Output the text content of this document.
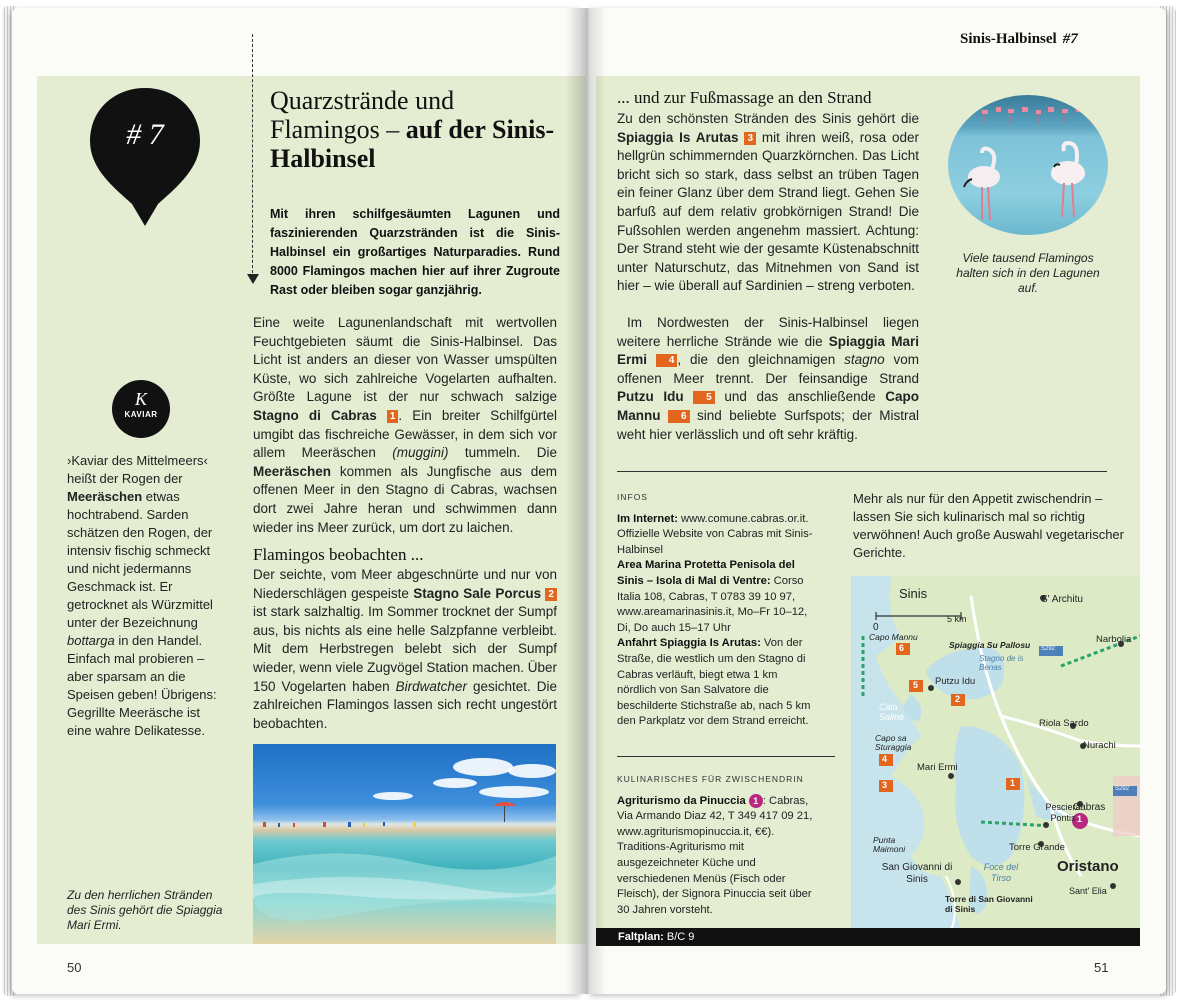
# 7
Quarzstrände und Flamingos – auf der Sinis-Halbinsel
Mit ihren schilfgesäumten Lagunen und faszinierenden Quarzstränden ist die Sinis-Halbinsel ein großartiges Naturparadies. Rund 8000 Flamingos machen hier auf ihrer Zugroute Rast oder bleiben sogar ganzjährig.
Eine weite Lagunenlandschaft mit wertvollen Feuchtgebieten säumt die Sinis-Halbinsel. Das Licht ist anders an dieser von Wasser umspülten Küste, wo sich zahlreiche Vogelarten aufhalten. Größte Lagune ist der nur schwach salzige Stagno di Cabras 1 . Ein breiter Schilfgürtel umgibt das fischreiche Gewässer, in dem sich vor allem Meeräschen (muggini) tummeln. Die Meeräschen kommen als Jungfische aus dem offenen Meer in den Stagno di Cabras, wachsen dort zwei Jahre heran und schwimmen dann wieder ins Meer zurück, um dort zu laichen.
Flamingos beobachten ...
Der seichte, vom Meer abgeschnürte und nur von Niederschlägen gespeiste Stagno Sale Porcus 2 ist stark salzhaltig. Im Sommer trocknet der Sumpf aus, bis nichts als eine helle Salzpfanne verbleibt. Mit dem Herbstregen belebt sich der Sumpf wieder, wenn viele Zugvögel Station machen. Über 150 Vogelarten haben Birdwatcher gesichtet. Die zahlreichen Flamingos lassen sich recht ungestört beobachten.
K
KAVIAR
›Kaviar des Mittelmeers‹ heißt der Rogen der Meeräschen etwas hochtrabend. Sarden schätzen den Rogen, der intensiv fischig schmeckt und nicht jedermanns Geschmack ist. Er getrocknet als Würzmittel unter der Bezeichnung bottarga in den Handel. Einfach mal probieren – aber sparsam an die Speisen geben! Übrigens: Gegrillte Meeräsche ist eine wahre Delikatesse.
Zu den herrlichen Stränden des Sinis gehört die Spiaggia Mari Ermi.
50
Sinis-Halbinsel #7
... und zur Fußmassage an den Strand
Zu den schönsten Stränden des Sinis gehört die Spiaggia Is Arutas 3 mit ihren weiß, rosa oder hellgrün schimmernden Quarzkörnchen. Das Licht bricht sich so stark, dass selbst an trüben Tagen ein feiner Glanz über dem Strand liegt. Gehen Sie barfuß auf dem relativ grobkörnigen Strand! Die Fußsohlen werden angenehm massiert. Achtung: Der Strand steht wie der gesamte Küstenabschnitt unter Naturschutz, das Mitnehmen von Sand ist hier – wie überall auf Sardinien – streng verboten.
Im Nordwesten der Sinis-Halbinsel liegen weitere herrliche Strände wie die Spiaggia Mari Ermi 4 , die den gleichnamigen stagno vom offenen Meer trennt. Der feinsandige Strand Putzu Idu 5 und das anschließende Capo Mannu 6 sind beliebte Surfspots; der Mistral weht hier verlässlich und oft sehr kräftig.
Viele tausend Flamingos halten sich in den Lagunen auf.
INFOS
Im Internet: www.comune.cabras.or.it. Offizielle Website von Cabras mit Sinis-Halbinsel
Area Marina Protetta Penisola del Sinis – Isola di Mal di Ventre: Corso Italia 108, Cabras, T 0783 39 10 97, www.areamarinasinis.it, Mo–Fr 10–12, Di, Do auch 15–17 Uhr
Anfahrt Spiaggia Is Arutas: Von der Straße, die westlich um den Stagno di Cabras verläuft, biegt etwa 1 km nördlich von San Salvatore die beschilderte Stichstraße ab, nach 5 km den Parkplatz vor dem Strand erreicht.
KULINARISCHES FÜR ZWISCHENDRIN
Agriturismo da Pinuccia 1 : Cabras, Via Armando Diaz 42, T 349 417 09 21, www.agriturismopinuccia.it, €€). Traditions-Agriturismo mit ausgezeichneter Küche und verschiedenen Menüs (Fisch oder Fleisch), der Signora Pinuccia seit über 30 Jahren vorsteht.
Mehr als nur für den Appetit zwischendrin – lassen Sie sich kulinarisch mal so richtig verwöhnen! Auch große Auswahl vegetarischer Gerichte.
Sinis
0
5 km
S' Architu
Narbolia
Capo Mannu
Spiaggia Su Pallosu
Stagno de is Benas
S292
Putzu Idu
Cala Saline
Riola Sardo
Capo sa Sturaggia	Nurachi
Mari Ermi
S292
Cabras
Pesciera Pontis
Punta Maimoni	Torre Grande
San Giovanni di Sinis
Foce del Tirso
Oristano
Sant' Elia
Torre di San Giovanni di Sinis
6
5
2
4
3	1
1
Faltplan: B/C 9
51
